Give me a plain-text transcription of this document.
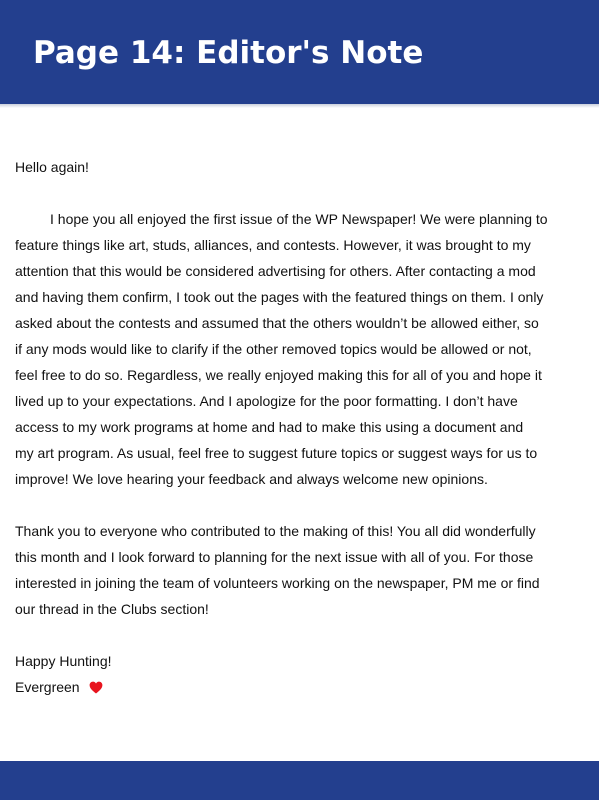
Page 14: Editor's Note
Hello again!
I hope you all enjoyed the first issue of the WP Newspaper! We were planning to
feature things like art, studs, alliances, and contests. However, it was brought to my
attention that this would be considered advertising for others. After contacting a mod
and having them confirm, I took out the pages with the featured things on them. I only
asked about the contests and assumed that the others wouldn’t be allowed either, so
if any mods would like to clarify if the other removed topics would be allowed or not,
feel free to do so. Regardless, we really enjoyed making this for all of you and hope it
lived up to your expectations. And I apologize for the poor formatting. I don’t have
access to my work programs at home and had to make this using a document and
my art program. As usual, feel free to suggest future topics or suggest ways for us to
improve! We love hearing your feedback and always welcome new opinions.
Thank you to everyone who contributed to the making of this! You all did wonderfully
this month and I look forward to planning for the next issue with all of you. For those
interested in joining the team of volunteers working on the newspaper, PM me or find
our thread in the Clubs section!
Happy Hunting!
Evergreen
